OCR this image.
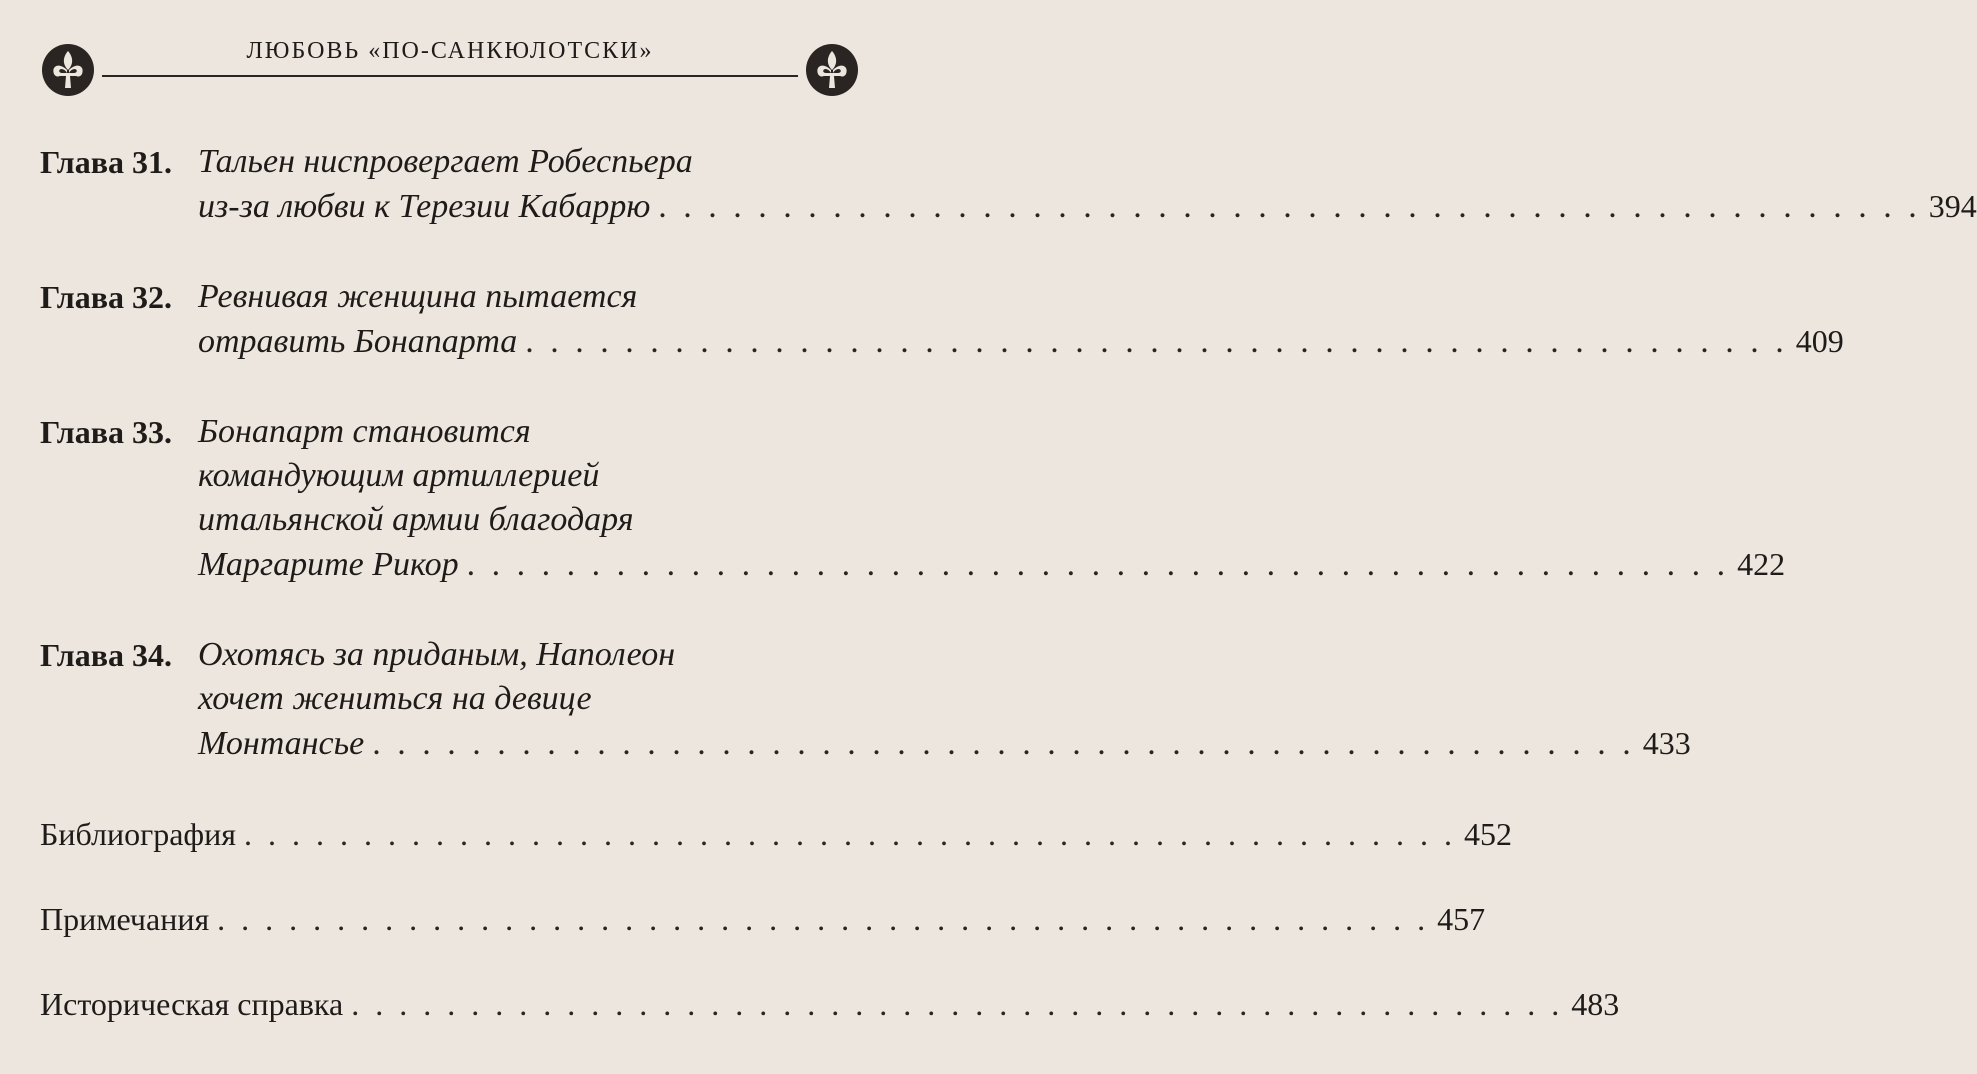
ЛЮБОВЬ «ПО-САНКЮЛОТСКИ»
Глава 31. Тальен ниспровергает Робеспьера
из-за любви к Терезии Кабаррю . . . . . . . . . . . . . . . . . . . . . . . . . . . . . . . . . . . . . . . . . . . . . . . . . . . 394
Глава 32. Ревнивая женщина пытается
отравить Бонапарта . . . . . . . . . . . . . . . . . . . . . . . . . . . . . . . . . . . . . . . . . . . . . . . . . . . 409
Глава 33. Бонапарт становится
командующим артиллерией
итальянской армии благодаря
Маргарите Рикор . . . . . . . . . . . . . . . . . . . . . . . . . . . . . . . . . . . . . . . . . . . . . . . . . . . 422
Глава 34. Охотясь за приданым, Наполеон
хочет жениться на девице
Монтансье . . . . . . . . . . . . . . . . . . . . . . . . . . . . . . . . . . . . . . . . . . . . . . . . . . . 433
Библиография . . . . . . . . . . . . . . . . . . . . . . . . . . . . . . . . . . . . . . . . . . . . . . . . . . . 452
Примечания . . . . . . . . . . . . . . . . . . . . . . . . . . . . . . . . . . . . . . . . . . . . . . . . . . . 457
Историческая справка . . . . . . . . . . . . . . . . . . . . . . . . . . . . . . . . . . . . . . . . . . . . . . . . . . . 483
